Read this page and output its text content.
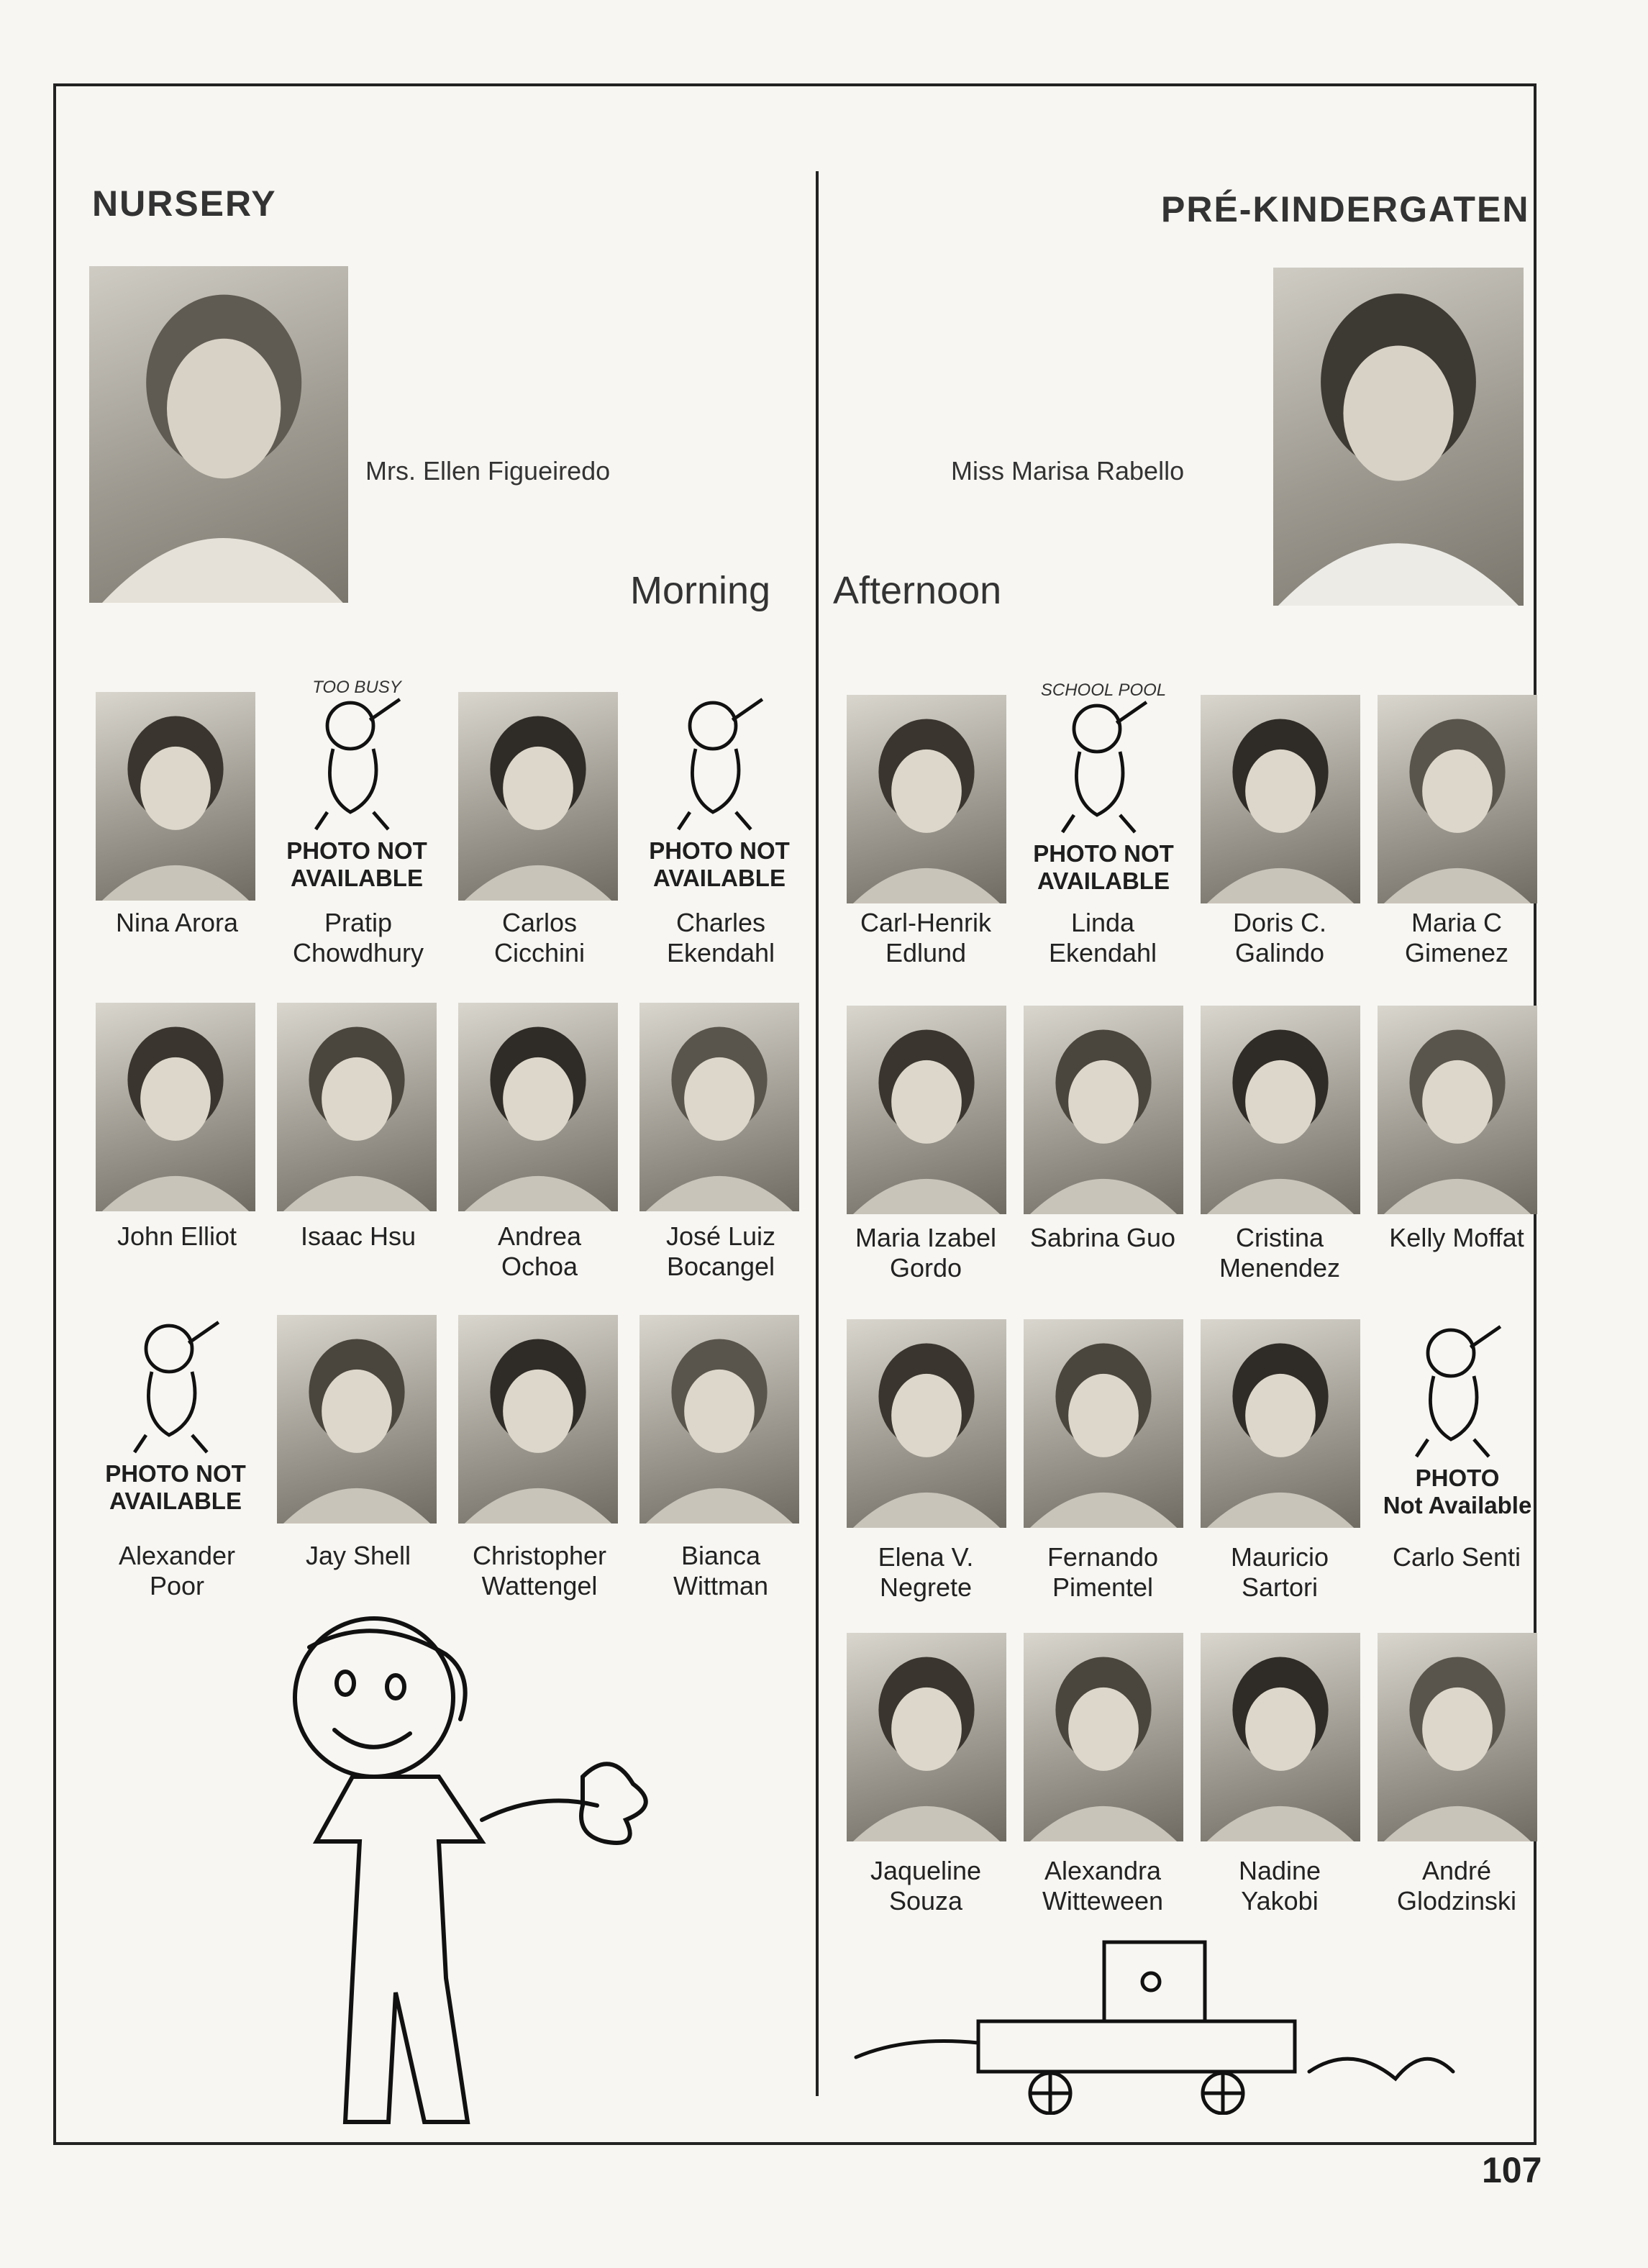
NURSERY
Mrs. Ellen Figueiredo
Morning
PRÉ-KINDERGATEN
Miss Marisa Rabello
Afternoon
Nina Arora
TOO BUSY
PHOTO NOT
AVAILABLE
Pratip
Chowdhury
Carlos
Cicchini
PHOTO NOT
AVAILABLE
Charles
Ekendahl
John Elliot	Isaac Hsu	Andrea
Ochoa
José Luiz
Bocangel
PHOTO NOT
AVAILABLE
Alexander
Poor
Jay Shell	Christopher
Wattengel
Bianca
Wittman
Carl-Henrik
Edlund
SCHOOL POOL
PHOTO NOT
AVAILABLE
Linda
Ekendahl
Doris C.
Galindo
Maria C
Gimenez
Maria Izabel
Gordo
Sabrina Guo	Cristina
Menendez
Kelly Moffat
Elena V.
Negrete
Fernando
Pimentel
Mauricio
Sartori
PHOTO
Not Available
Carlo Senti
Jaqueline
Souza
Alexandra
Witteween
Nadine
Yakobi
André
Glodzinski
107
